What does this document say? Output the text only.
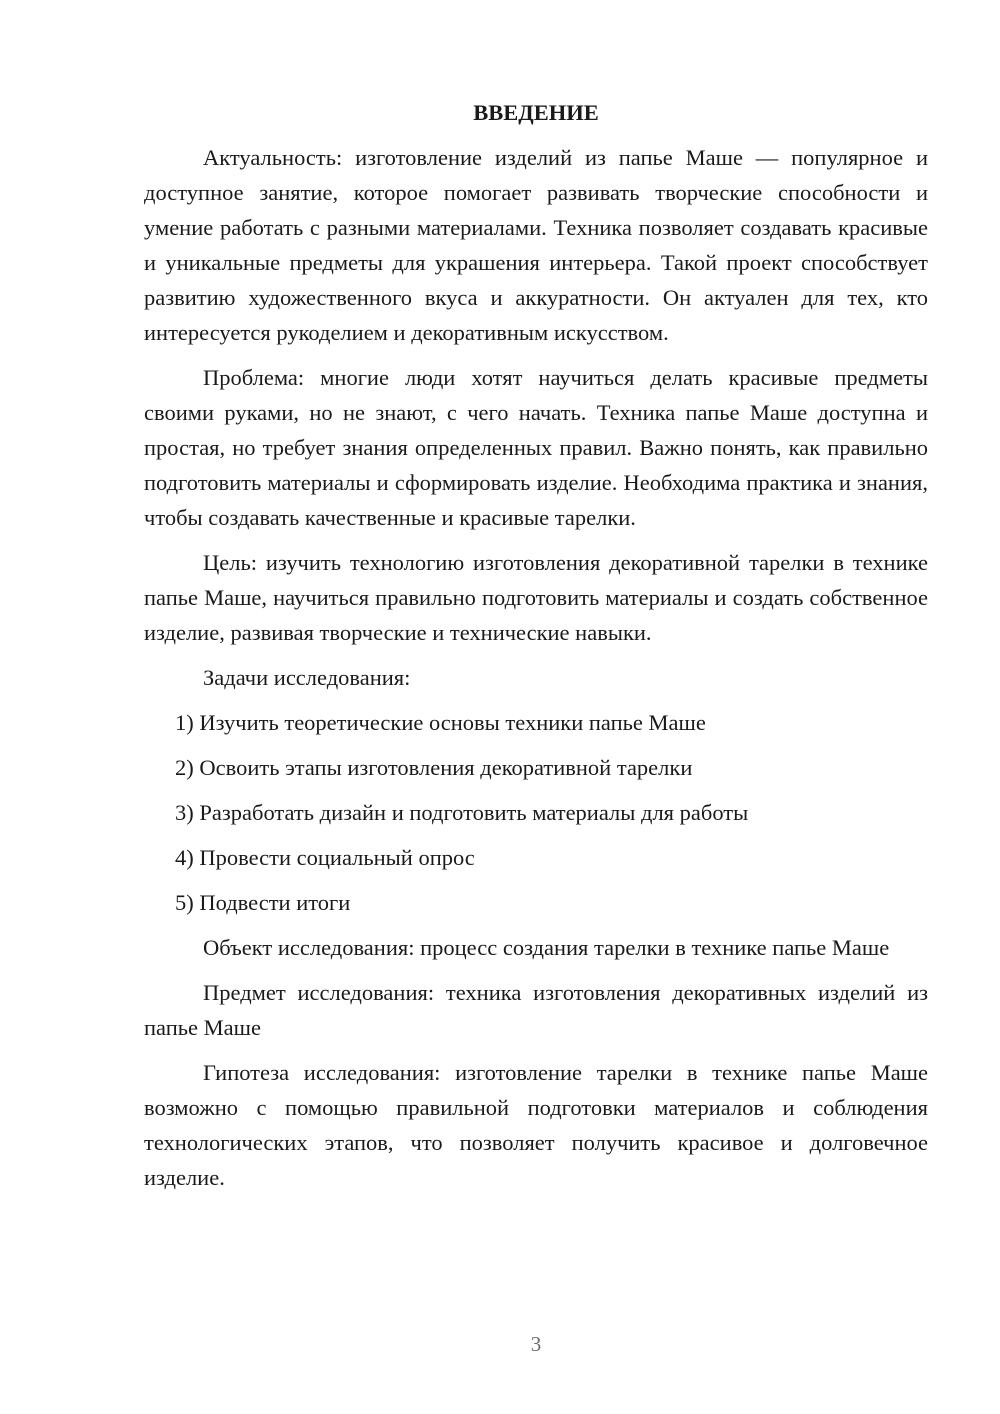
ВВЕДЕНИЕ

Актуальность: изготовление изделий из папье Маше — популярное и доступное занятие, которое помогает развивать творческие способности и умение работать с разными материалами. Техника позволяет создавать красивые и уникальные предметы для украшения интерьера. Такой проект способствует развитию художественного вкуса и аккуратности. Он актуален для тех, кто интересуется рукоделием и декоративным искусством.

Проблема: многие люди хотят научиться делать красивые предметы своими руками, но не знают, с чего начать. Техника папье Маше доступна и простая, но требует знания определенных правил. Важно понять, как правильно подготовить материалы и сформировать изделие. Необходима практика и знания, чтобы создавать качественные и красивые тарелки.

Цель: изучить технологию изготовления декоративной тарелки в технике папье Маше, научиться правильно подготовить материалы и создать собственное изделие, развивая творческие и технические навыки.

Задачи исследования:

1) Изучить теоретические основы техники папье Маше

2) Освоить этапы изготовления декоративной тарелки

3) Разработать дизайн и подготовить материалы для работы

4) Провести социальный опрос

5) Подвести итоги

Объект исследования: процесс создания тарелки в технике папье Маше

Предмет исследования: техника изготовления декоративных изделий из папье Маше

Гипотеза исследования: изготовление тарелки в технике папье Маше возможно с помощью правильной подготовки материалов и соблюдения технологических этапов, что позволяет получить красивое и долговечное изделие.

3
